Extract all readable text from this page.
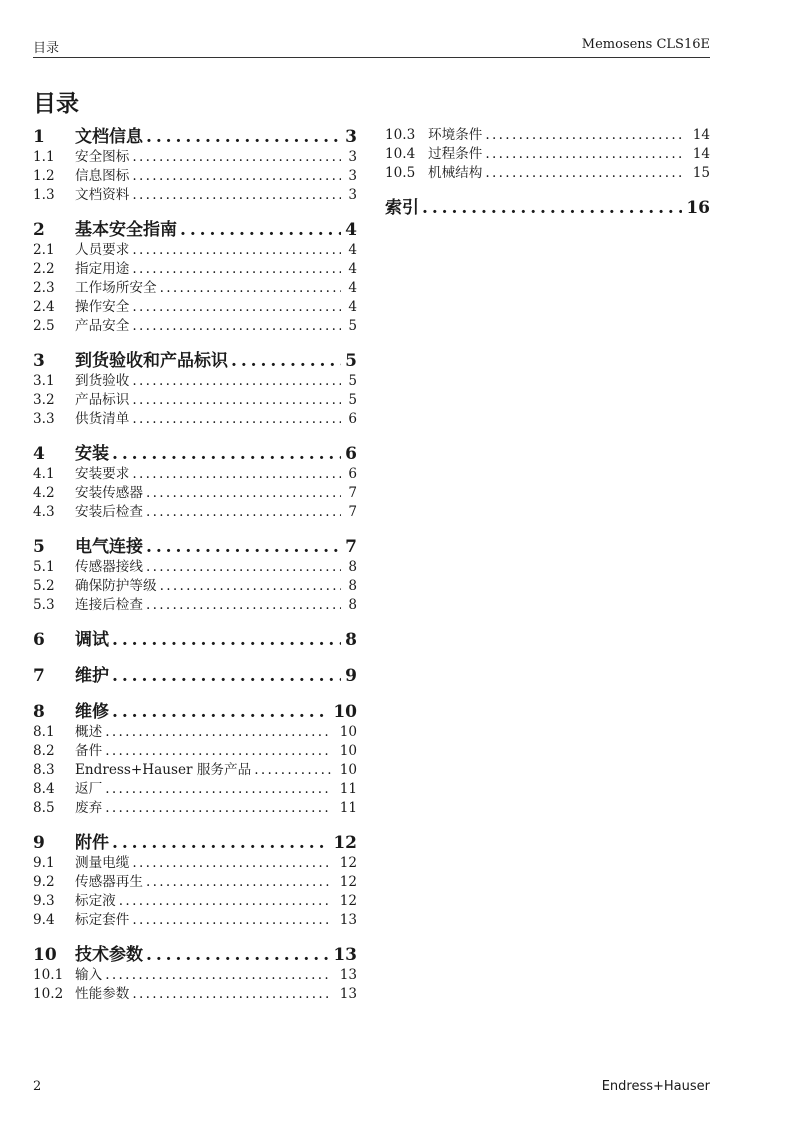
目录	Memosens CLS16E
目录
1	文档信息 . . .	3
1.1	安全图标 . . .	3
1.2	信息图标 . . .	3
1.3	文档资料 . . .	3
2	基本安全指南 . . .	4
2.1	人员要求 . . .	4
2.2	指定用途 . . .	4
2.3	工作场所安全 . . .	4
2.4	操作安全 . . .	4
2.5	产品安全 . . .	5
3	到货验收和产品标识 . . .	5
3.1	到货验收 . . .	5
3.2	产品标识 . . .	5
3.3	供货清单 . . .	6
4	安装 . . .	6
4.1	安装要求 . . .	6
4.2	安装传感器 . . .	7
4.3	安装后检查 . . .	7
5	电气连接 . . .	7
5.1	传感器接线 . . .	8
5.2	确保防护等级 . . .	8
5.3	连接后检查 . . .	8
6	调试 . . .	8
7	维护 . . .	9
8	维修 . . .	10
8.1	概述 . . .	10
8.2	备件 . . .	10
8.3	Endress+Hauser 服务产品 . . .	10
8.4	返厂 . . .	11
8.5	废弃 . . .	11
9	附件 . . .	12
9.1	测量电缆 . . .	12
9.2	传感器再生 . . .	12
9.3	标定液 . . .	12
9.4	标定套件 . . .	13
10	技术参数 . . .	13
10.1 输入 . . .	13
10.2 性能参数 . . .	13
10.3 环境条件 . . .	14
10.4 过程条件 . . .	14
10.5 机械结构 . . .	15
索引 . . .	16
2	Endress+Hauser
